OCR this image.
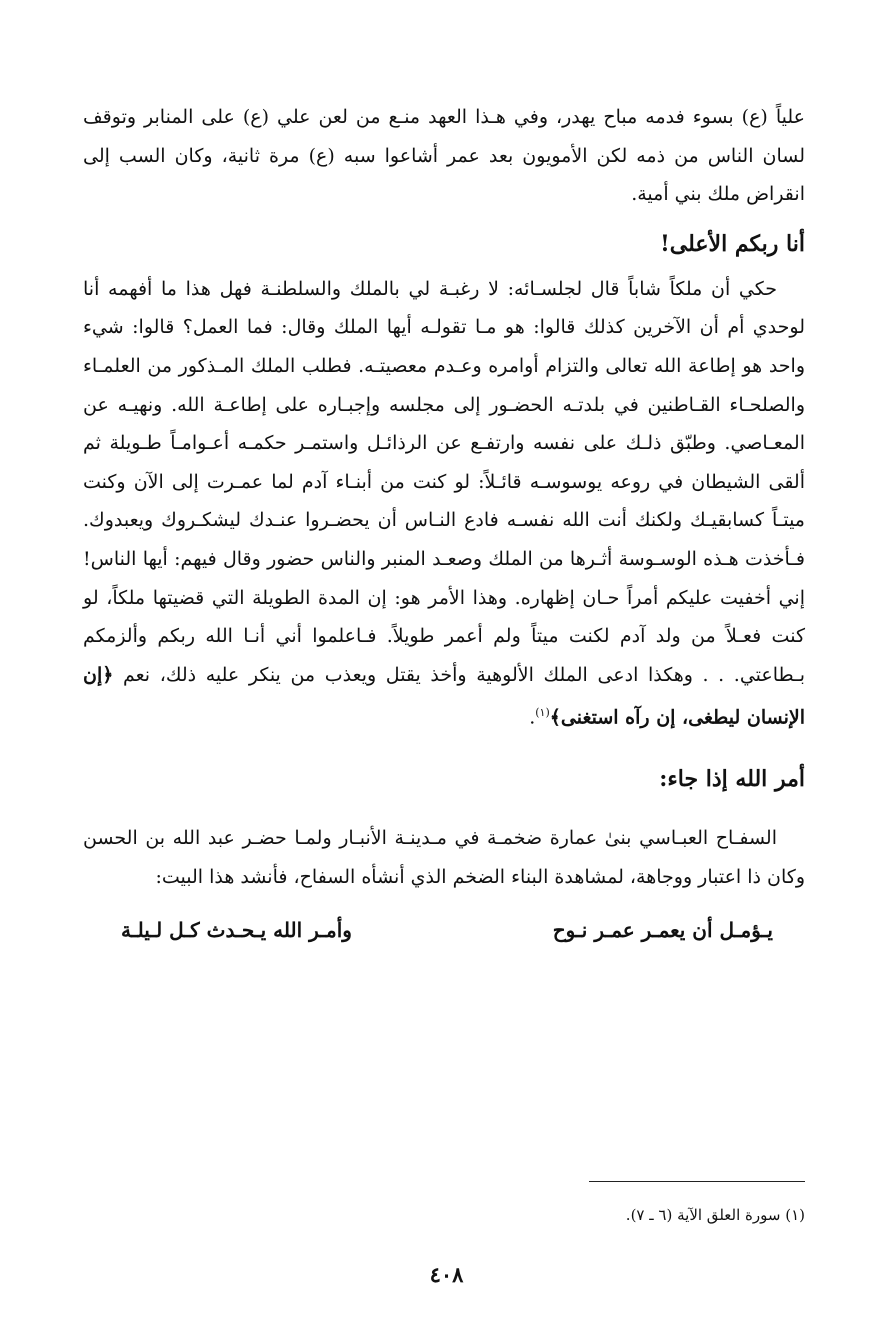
علياً (ع) بسوء فدمه مباح يهدر، وفي هـذا العهد منـع من لعن علي (ع) على المنابر وتوقف لسان الناس من ذمه لكن الأمويون بعد عمر أشاعوا سبه (ع) مرة ثانية، وكان السب إلى انقراض ملك بني أمية.

أنا ربكم الأعلى!

حكي أن ملكاً شاباً قال لجلسـائه: لا رغبـة لي بالملك والسلطنـة فهل هذا ما أفهمه أنا لوحدي أم أن الآخرين كذلك قالوا: هو مـا تقولـه أيها الملك وقال: فما العمل؟ قالوا: شيء واحد هو إطاعة الله تعالى والتزام أوامره وعـدم معصيتـه. فطلب الملك المـذكور من العلمـاء والصلحـاء القـاطنين في بلدتـه الحضـور إلى مجلسه وإجبـاره على إطاعـة الله. ونهيـه عن المعـاصي. وطبّق ذلـك على نفسه وارتفـع عن الرذائـل واستمـر حكمـه أعـوامـاً طـويلة ثم ألقى الشيطان في روعه يوسوسـه قائـلاً: لو كنت من أبنـاء آدم لما عمـرت إلى الآن وكنت ميتـاً كسابقيـك ولكنك أنت الله نفسـه فادع النـاس أن يحضـروا عنـدك ليشكـروك ويعبدوك. فـأخذت هـذه الوسـوسة أثـرها من الملك وصعـد المنبر والناس حضور وقال فيهم: أيها الناس! إني أخفيت عليكم أمراً حـان إظهاره. وهذا الأمر هو: إن المدة الطويلة التي قضيتها ملكاً، لو كنت فعـلاً من ولد آدم لكنت ميتاً ولم أعمر طويلاً. فـاعلموا أني أنـا الله ربكم وألزمكم بـطاعتي. . . وهكذا ادعى الملك الألوهية وأخذ يقتل ويعذب من ينكر عليه ذلك، نعم ﴿إن الإنسان ليطغى، إن رآه استغنى﴾$^{(١)}$.

أمر الله إذا جاء:

السفـاح العبـاسي بنىٰ عمارة ضخمـة في مـدينـة الأنبـار ولمـا حضـر عبد الله بن الحسن وكان ذا اعتبار ووجاهة، لمشاهدة البناء الضخم الذي أنشأه السفاح، فأنشد هذا البيت:

يـؤمـل أن يعمـر عمـر نـوح
وأمـر الله يـحـدث كـل لـيلـة
(١) سورة العلق الآية (٦ ـ ٧).
٤٠٨
